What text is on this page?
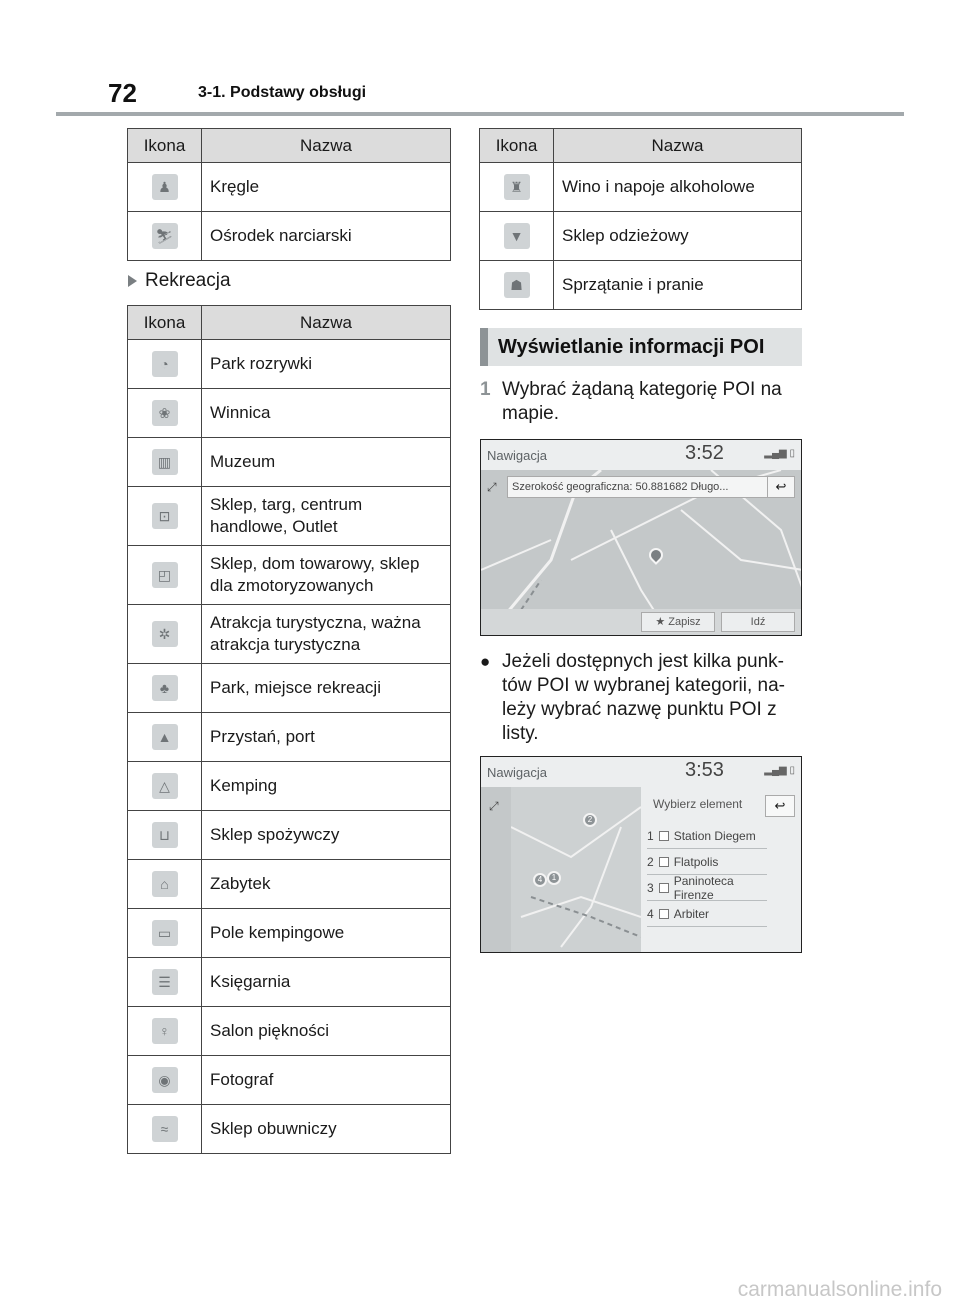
72	3-1. Podstawy obsługi
Ikona	Nazwa
♟	Kręgle
⛷	Ośrodek narciarski
Rekreacja
Ikona	Nazwa
◔	Park rozrywki
❀	Winnica
▥	Muzeum
⊡	Sklep, targ, centrum handlowe, Outlet
◰	Sklep, dom towarowy, sklep dla zmotoryzowanych
✲	Atrakcja turystyczna, ważna atrakcja turystyczna
♣	Park, miejsce rekreacji
▲	Przystań, port
△	Kemping
⊔	Sklep spożywczy
⌂	Zabytek
▭	Pole kempingowe
☰	Księgarnia
♀	Salon piękności
◉	Fotograf
≈	Sklep obuwniczy
Ikona	Nazwa
♜	Wino i napoje alkoholowe
▼	Sklep odzieżowy
☗	Sprzątanie i pranie
Wyświetlanie informacji POI
1 Wybrać żądaną kategorię POI na mapie.
Nawigacja	3:52	▂▄▆ ▯
Szerokość geograficzna: 50.881682 Długo...	↩
⤢
★ Zapisz	Idź
● Jeżeli dostępnych jest kilka punk-tów POI w wybranej kategorii, na-leży wybrać nazwę punktu POI z listy.
Nawigacja	3:53	▂▄▆ ▯
⤢
2
4	1
Wybierz element	↩
1 Station Diegem
2 Flatpolis
3 Paninoteca Firenze
4 Arbiter
carmanualsonline.info
